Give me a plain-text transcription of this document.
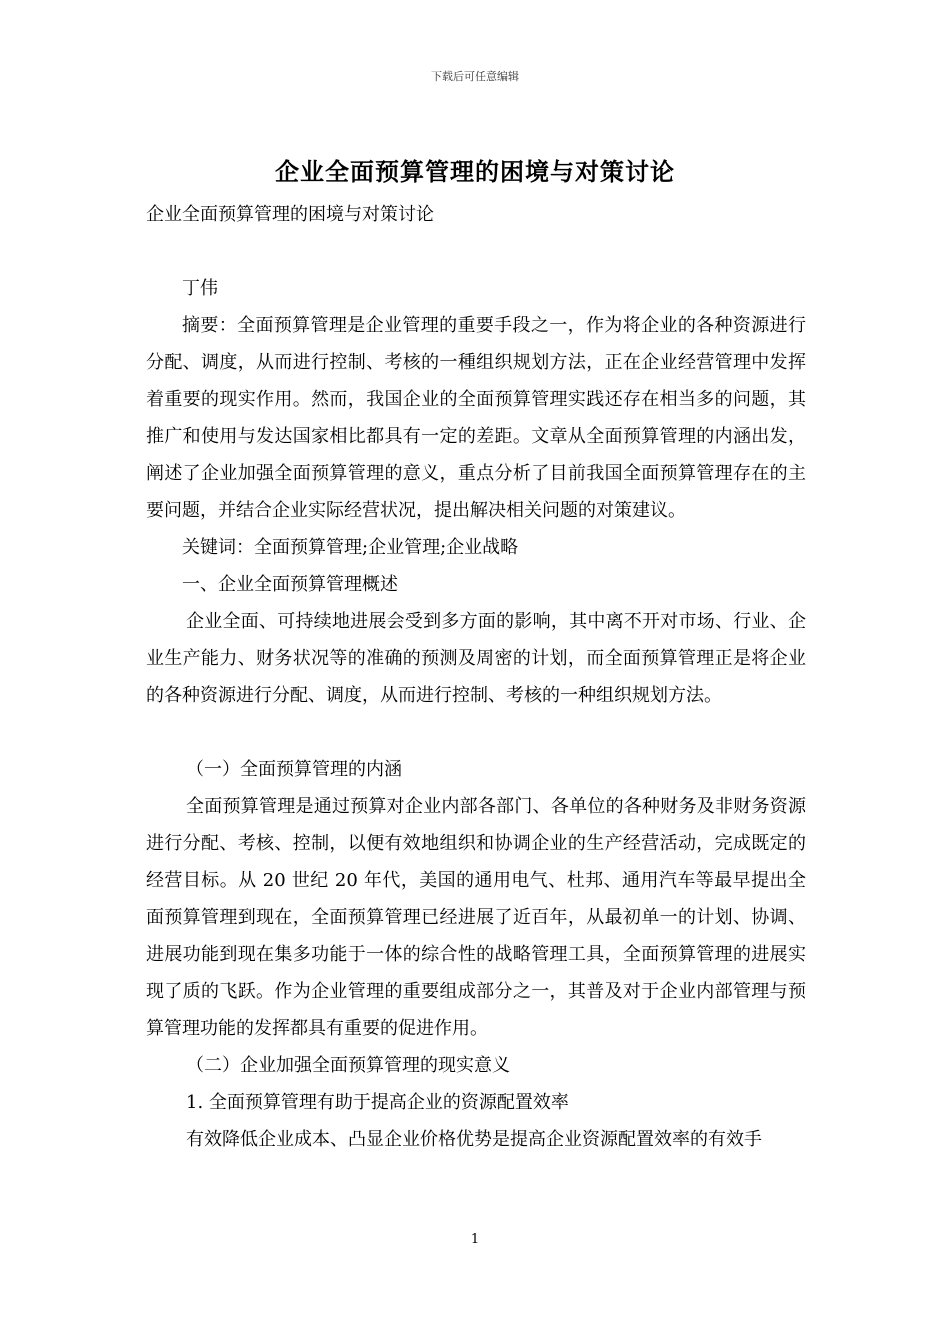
下载后可任意编辑
企业全面预算管理的困境与对策讨论

企业全面预算管理的困境与对策讨论

丁伟

摘要：全面预算管理是企业管理的重要手段之一，作为将企业的各种资源进行分配、调度，从而进行控制、考核的一種组织规划方法，正在企业经营管理中发挥着重要的现实作用。然而，我国企业的全面预算管理实践还存在相当多的问题，其推广和使用与发达国家相比都具有一定的差距。文章从全面预算管理的内涵出发，阐述了企业加强全面预算管理的意义，重点分析了目前我国全面预算管理存在的主要问题，并结合企业实际经营状况，提出解决相关问题的对策建议。

关键词：全面预算管理;企业管理;企业战略

一、企业全面预算管理概述

企业全面、可持续地进展会受到多方面的影响，其中离不开对市场、行业、企业生产能力、财务状况等的准确的预测及周密的计划，而全面预算管理正是将企业的各种资源进行分配、调度，从而进行控制、考核的一种组织规划方法。

（一）全面预算管理的内涵

全面预算管理是通过预算对企业内部各部门、各单位的各种财务及非财务资源进行分配、考核、控制，以便有效地组织和协调企业的生产经营活动，完成既定的经营目标。从 20 世纪 20 年代，美国的通用电气、杜邦、通用汽车等最早提出全面预算管理到现在，全面预算管理已经进展了近百年，从最初单一的计划、协调、进展功能到现在集多功能于一体的综合性的战略管理工具，全面预算管理的进展实现了质的飞跃。作为企业管理的重要组成部分之一，其普及对于企业内部管理与预算管理功能的发挥都具有重要的促进作用。

（二）企业加强全面预算管理的现实意义

1. 全面预算管理有助于提高企业的资源配置效率

有效降低企业成本、凸显企业价格优势是提高企业资源配置效率的有效手

1
